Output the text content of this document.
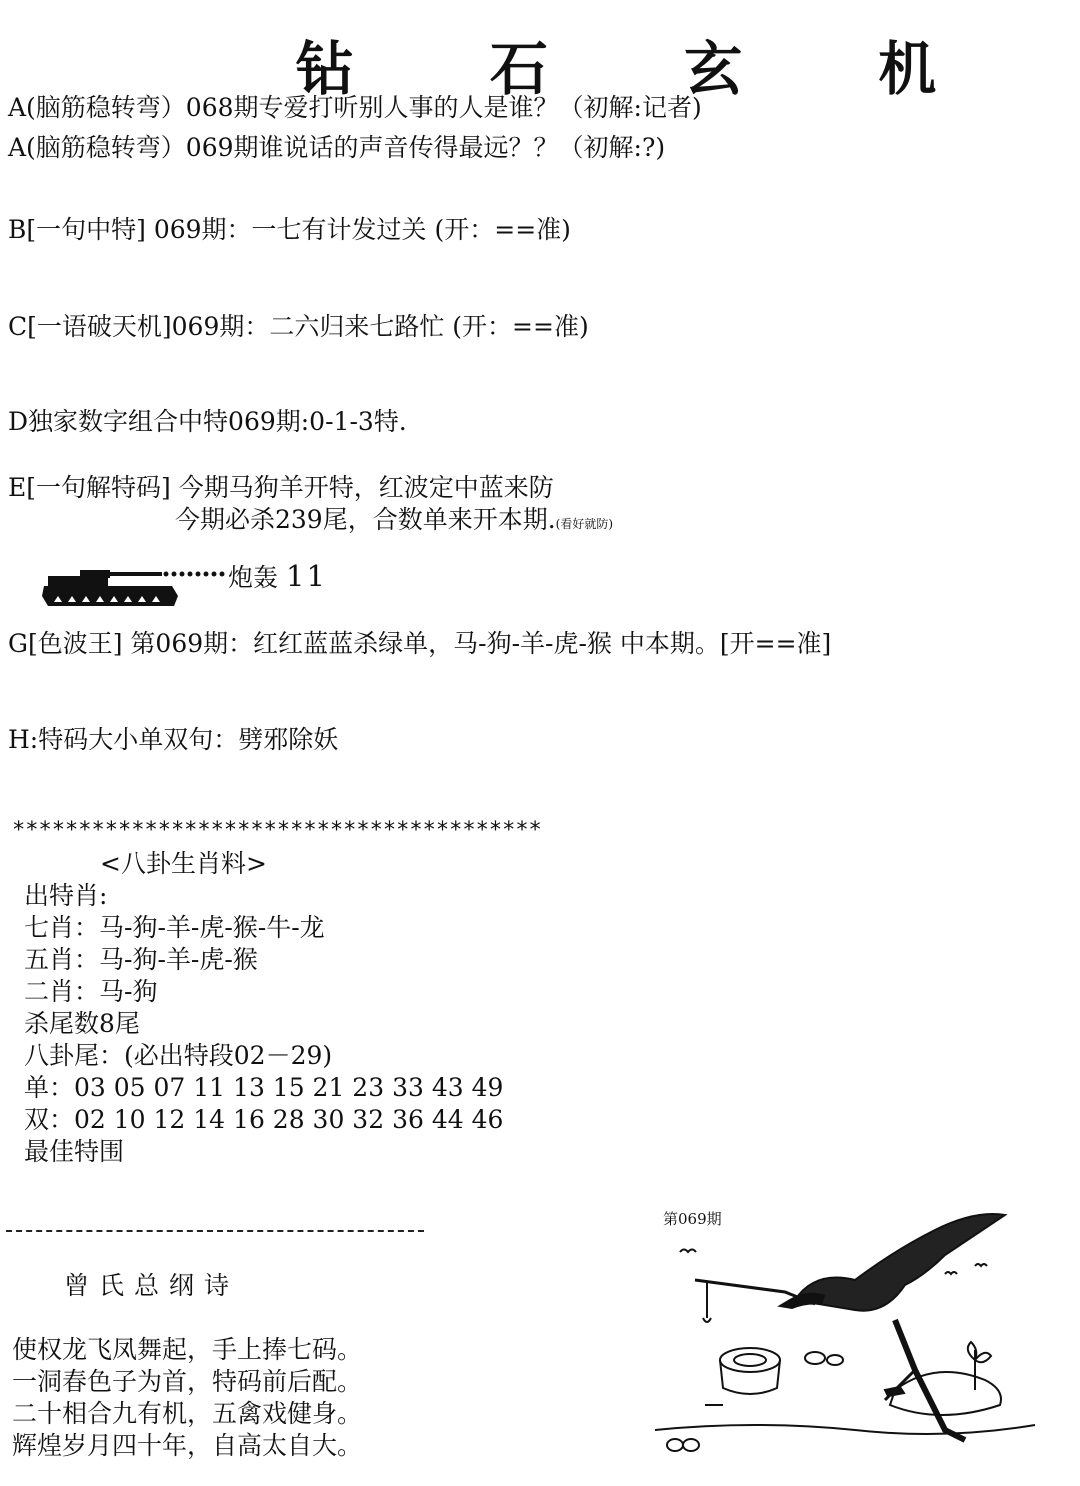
钻 石 玄 机
A(脑筋稳转弯）068期专爱打听别人事的人是谁？（初解:记者)
A(脑筋稳转弯）069期谁说话的声音传得最远？？（初解:?)
B[一句中特] 069期：一七有计发过关 (开：==准)
C[一语破天机]069期：二六归来七路忙 (开：==准)
D独家数字组合中特069期:0-1-3特.
E[一句解特码] 今期马狗羊开特，红波定中蓝来防
今期必杀239尾，合数单来开本期.(看好就防)
炮轰 11
G[色波王] 第069期：红红蓝蓝杀绿单，马-狗-羊-虎-猴 中本期。[开==准]
H:特码大小单双句：劈邪除妖
****************************************
<八卦生肖料>
出特肖:
七肖：马-狗-羊-虎-猴-牛-龙
五肖：马-狗-羊-虎-猴
二肖：马-狗
杀尾数8尾
八卦尾：(必出特段02－29)
单：03 05 07 11 13 15 21 23 33 43 49
双：02 10 12 14 16 28 30 32 36 44 46
最佳特围
曾氏总纲诗
使权龙飞凤舞起，手上捧七码。
一洞春色子为首，特码前后配。
二十相合九有机，五禽戏健身。
辉煌岁月四十年，自高太自大。
第069期
